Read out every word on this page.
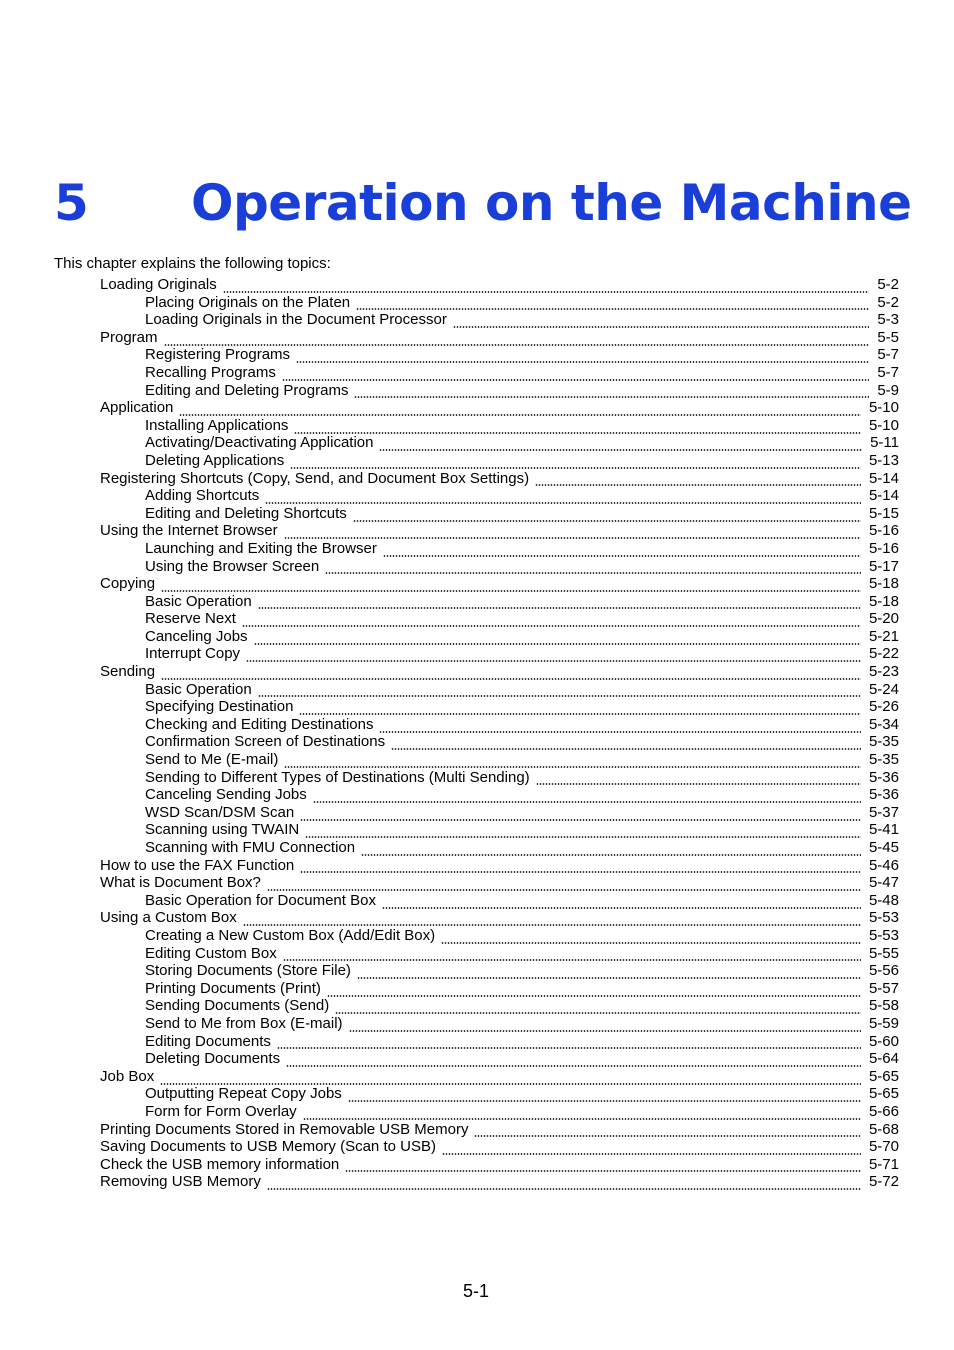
5 Operation on the Machine
This chapter explains the following topics:
Loading Originals	5-2
Placing Originals on the Platen	5-2
Loading Originals in the Document Processor	5-3
Program	5-5
Registering Programs	5-7
Recalling Programs	5-7
Editing and Deleting Programs	5-9
Application	5-10
Installing Applications	5-10
Activating/Deactivating Application	5-11
Deleting Applications	5-13
Registering Shortcuts (Copy, Send, and Document Box Settings)	5-14
Adding Shortcuts	5-14
Editing and Deleting Shortcuts	5-15
Using the Internet Browser	5-16
Launching and Exiting the Browser	5-16
Using the Browser Screen	5-17
Copying	5-18
Basic Operation	5-18
Reserve Next	5-20
Canceling Jobs	5-21
Interrupt Copy	5-22
Sending	5-23
Basic Operation	5-24
Specifying Destination	5-26
Checking and Editing Destinations	5-34
Confirmation Screen of Destinations	5-35
Send to Me (E-mail)	5-35
Sending to Different Types of Destinations (Multi Sending)	5-36
Canceling Sending Jobs	5-36
WSD Scan/DSM Scan	5-37
Scanning using TWAIN	5-41
Scanning with FMU Connection	5-45
How to use the FAX Function	5-46
What is Document Box?	5-47
Basic Operation for Document Box	5-48
Using a Custom Box	5-53
Creating a New Custom Box (Add/Edit Box)	5-53
Editing Custom Box	5-55
Storing Documents (Store File)	5-56
Printing Documents (Print)	5-57
Sending Documents (Send)	5-58
Send to Me from Box (E-mail)	5-59
Editing Documents	5-60
Deleting Documents	5-64
Job Box	5-65
Outputting Repeat Copy Jobs	5-65
Form for Form Overlay	5-66
Printing Documents Stored in Removable USB Memory	5-68
Saving Documents to USB Memory (Scan to USB)	5-70
Check the USB memory information	5-71
Removing USB Memory	5-72
5-1
